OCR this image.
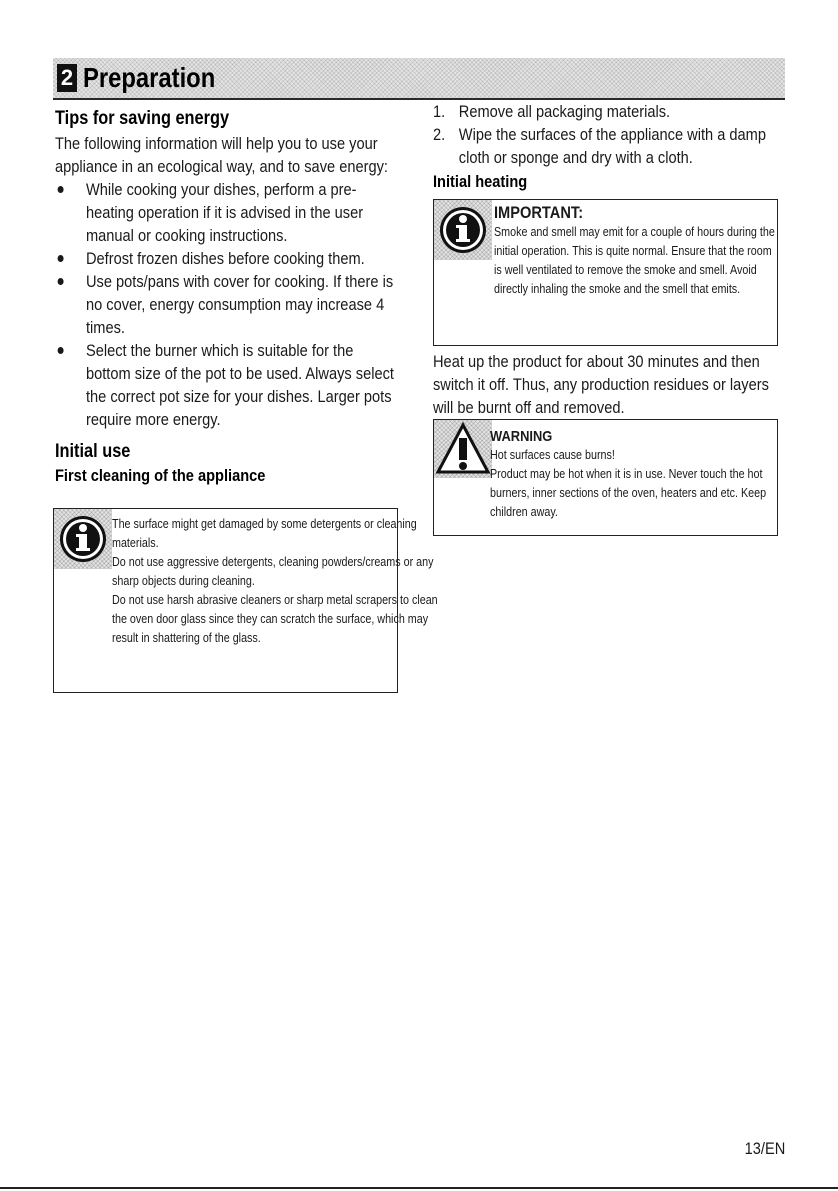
2 Preparation
Tips for saving energy

The following information will help you to use your appliance in an ecological way, and to save energy:

While cooking your dishes, perform a pre-heating operation if it is advised in the user manual or cooking instructions.
Defrost frozen dishes before cooking them.
Use pots/pans with cover for cooking. If there is no cover, energy consumption may increase 4 times.
Select the burner which is suitable for the bottom size of the pot to be used. Always select the correct pot size for your dishes. Larger pots require more energy.
Initial use
First cleaning of the appliance

The surface might get damaged by some detergents or cleaning materials.

Do not use aggressive detergents, cleaning powders/creams or any sharp objects during cleaning.

Do not use harsh abrasive cleaners or sharp metal scrapers to clean the oven door glass since they can scratch the surface, which may result in shattering of the glass.

1. Remove all packaging materials.
2. Wipe the surfaces of the appliance with a damp cloth or sponge and dry with a cloth.
Initial heating

IMPORTANT:

Smoke and smell may emit for a couple of hours during the initial operation. This is quite normal. Ensure that the room is well ventilated to remove the smoke and smell. Avoid directly inhaling the smoke and the smell that emits.

Heat up the product for about 30 minutes and then switch it off. Thus, any production residues or layers will be burnt off and removed.

WARNING

Hot surfaces cause burns!

Product may be hot when it is in use. Never touch the hot burners, inner sections of the oven, heaters and etc. Keep children away.

13/EN
